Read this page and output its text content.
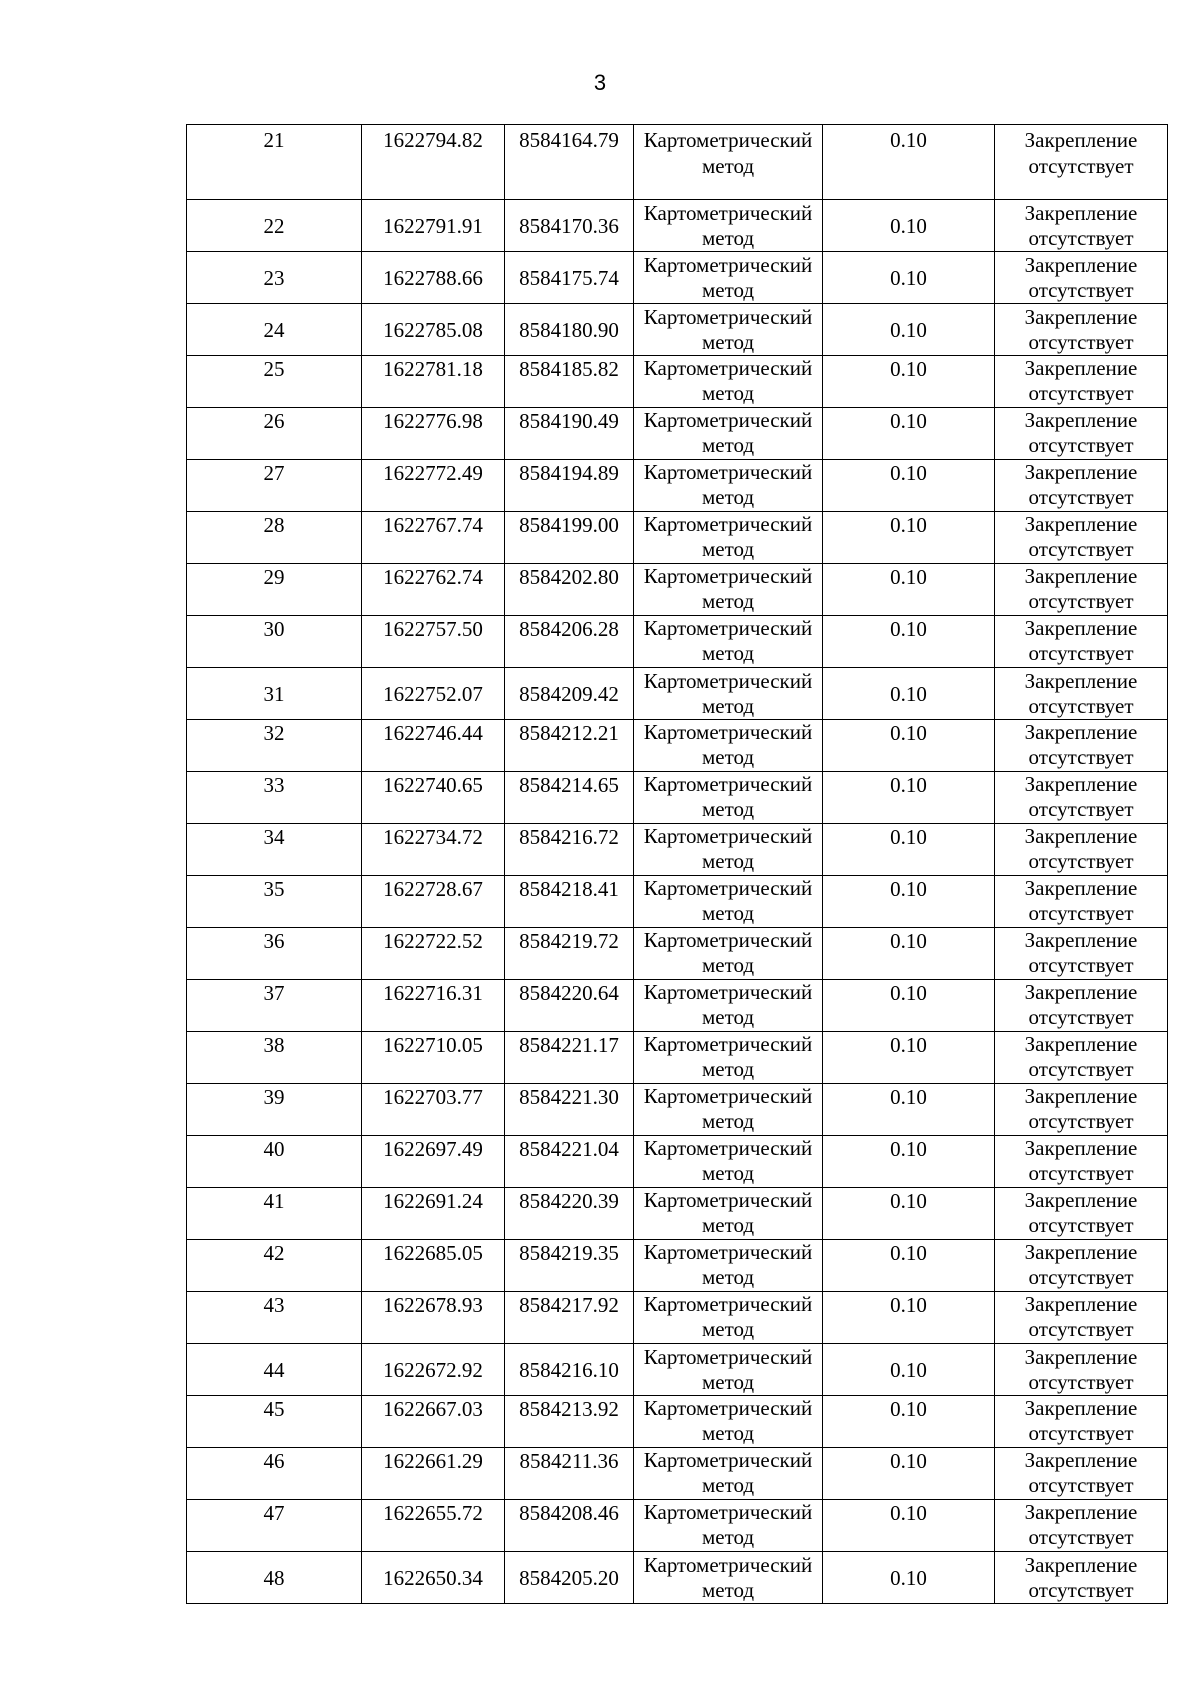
3
21	1622794.82	8584164.79	Картометрический
метод	0.10	Закрепление
отсутствует

22	1622791.91	8584170.36	Картометрический
метод	0.10	Закрепление
отсутствует

23	1622788.66	8584175.74	Картометрический
метод	0.10	Закрепление
отсутствует

24	1622785.08	8584180.90	Картометрический
метод	0.10	Закрепление
отсутствует

25	1622781.18	8584185.82	Картометрический
метод	0.10	Закрепление
отсутствует

26	1622776.98	8584190.49	Картометрический
метод	0.10	Закрепление
отсутствует

27	1622772.49	8584194.89	Картометрический
метод	0.10	Закрепление
отсутствует

28	1622767.74	8584199.00	Картометрический
метод	0.10	Закрепление
отсутствует

29	1622762.74	8584202.80	Картометрический
метод	0.10	Закрепление
отсутствует

30	1622757.50	8584206.28	Картометрический
метод	0.10	Закрепление
отсутствует

31	1622752.07	8584209.42	Картометрический
метод	0.10	Закрепление
отсутствует

32	1622746.44	8584212.21	Картометрический
метод	0.10	Закрепление
отсутствует

33	1622740.65	8584214.65	Картометрический
метод	0.10	Закрепление
отсутствует

34	1622734.72	8584216.72	Картометрический
метод	0.10	Закрепление
отсутствует

35	1622728.67	8584218.41	Картометрический
метод	0.10	Закрепление
отсутствует

36	1622722.52	8584219.72	Картометрический
метод	0.10	Закрепление
отсутствует

37	1622716.31	8584220.64	Картометрический
метод	0.10	Закрепление
отсутствует

38	1622710.05	8584221.17	Картометрический
метод	0.10	Закрепление
отсутствует

39	1622703.77	8584221.30	Картометрический
метод	0.10	Закрепление
отсутствует

40	1622697.49	8584221.04	Картометрический
метод	0.10	Закрепление
отсутствует

41	1622691.24	8584220.39	Картометрический
метод	0.10	Закрепление
отсутствует

42	1622685.05	8584219.35	Картометрический
метод	0.10	Закрепление
отсутствует

43	1622678.93	8584217.92	Картометрический
метод	0.10	Закрепление
отсутствует

44	1622672.92	8584216.10	Картометрический
метод	0.10	Закрепление
отсутствует

45	1622667.03	8584213.92	Картометрический
метод	0.10	Закрепление
отсутствует

46	1622661.29	8584211.36	Картометрический
метод	0.10	Закрепление
отсутствует

47	1622655.72	8584208.46	Картометрический
метод	0.10	Закрепление
отсутствует

48	1622650.34	8584205.20	Картометрический
метод	0.10	Закрепление
отсутствует
